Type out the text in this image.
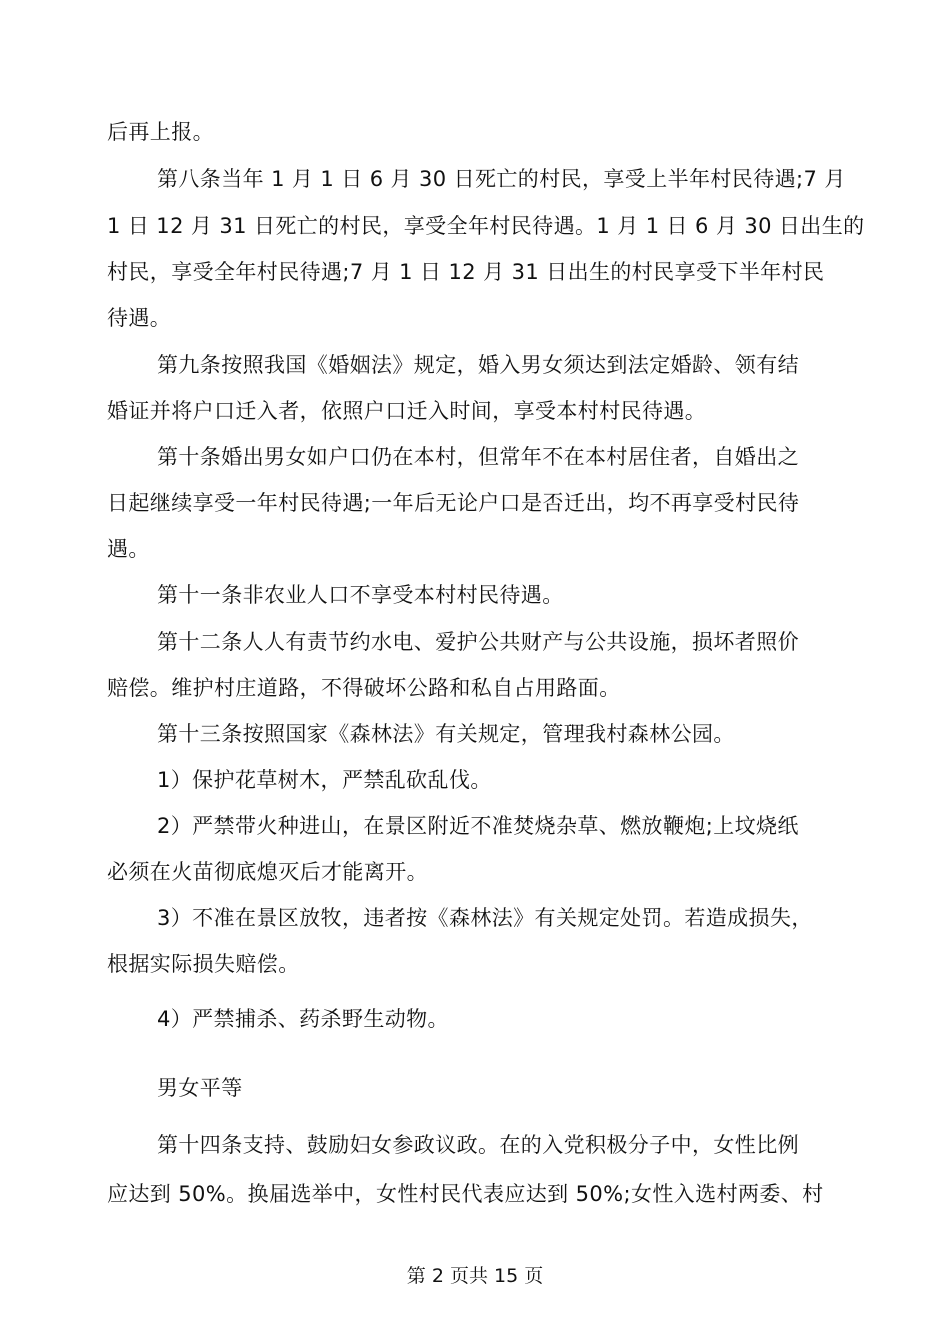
后再上报。
第八条当年 1 月 1 日 6 月 30 日死亡的村民，享受上半年村民待遇;7 月
1 日 12 月 31 日死亡的村民，享受全年村民待遇。1 月 1 日 6 月 30 日出生的
村民，享受全年村民待遇;7 月 1 日 12 月 31 日出生的村民享受下半年村民
待遇。
第九条按照我国《婚姻法》规定，婚入男女须达到法定婚龄、领有结
婚证并将户口迁入者，依照户口迁入时间，享受本村村民待遇。
第十条婚出男女如户口仍在本村，但常年不在本村居住者，自婚出之
日起继续享受一年村民待遇;一年后无论户口是否迁出，均不再享受村民待
遇。
第十一条非农业人口不享受本村村民待遇。
第十二条人人有责节约水电、爱护公共财产与公共设施，损坏者照价
赔偿。维护村庄道路，不得破坏公路和私自占用路面。
第十三条按照国家《森林法》有关规定，管理我村森林公园。
1）保护花草树木，严禁乱砍乱伐。
2）严禁带火种进山，在景区附近不准焚烧杂草、燃放鞭炮;上坟烧纸
必须在火苗彻底熄灭后才能离开。
3）不准在景区放牧，违者按《森林法》有关规定处罚。若造成损失，
根据实际损失赔偿。
4）严禁捕杀、药杀野生动物。
男女平等
第十四条支持、鼓励妇女参政议政。在的入党积极分子中，女性比例
应达到 50%。换届选举中，女性村民代表应达到 50%;女性入选村两委、村
第 2 页共 15 页
